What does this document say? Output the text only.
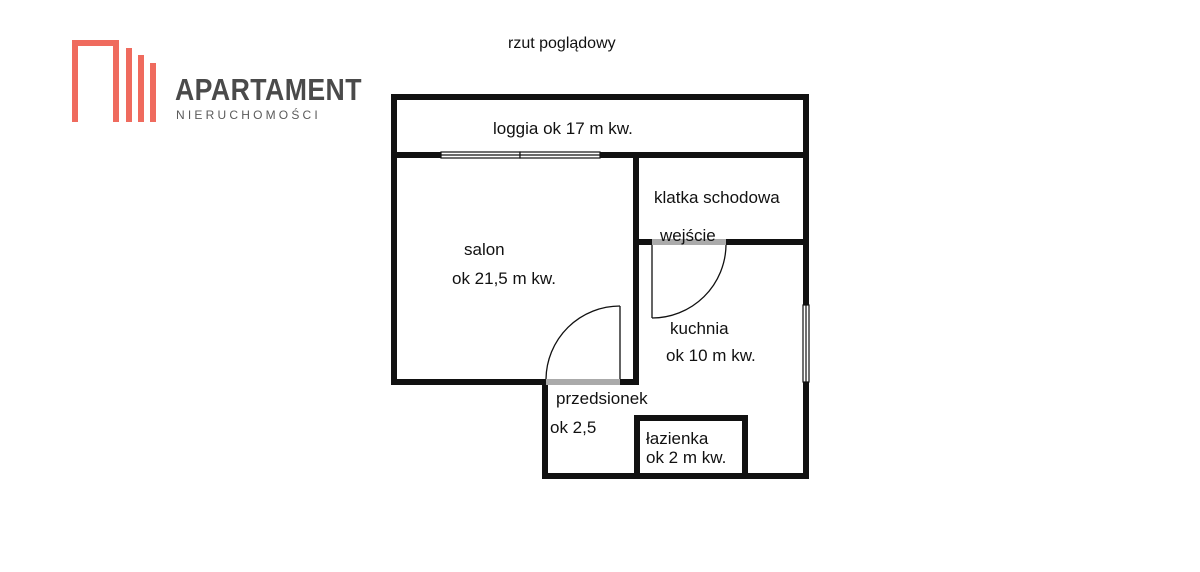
APARTAMENT
NIERUCHOMOŚCI
rzut poglądowy
loggia ok 17 m kw.
klatka schodowa
wejście
salon
ok 21,5 m kw.
kuchnia
ok 10 m kw.
przedsionek
ok 2,5
łazienka
ok 2 m kw.
